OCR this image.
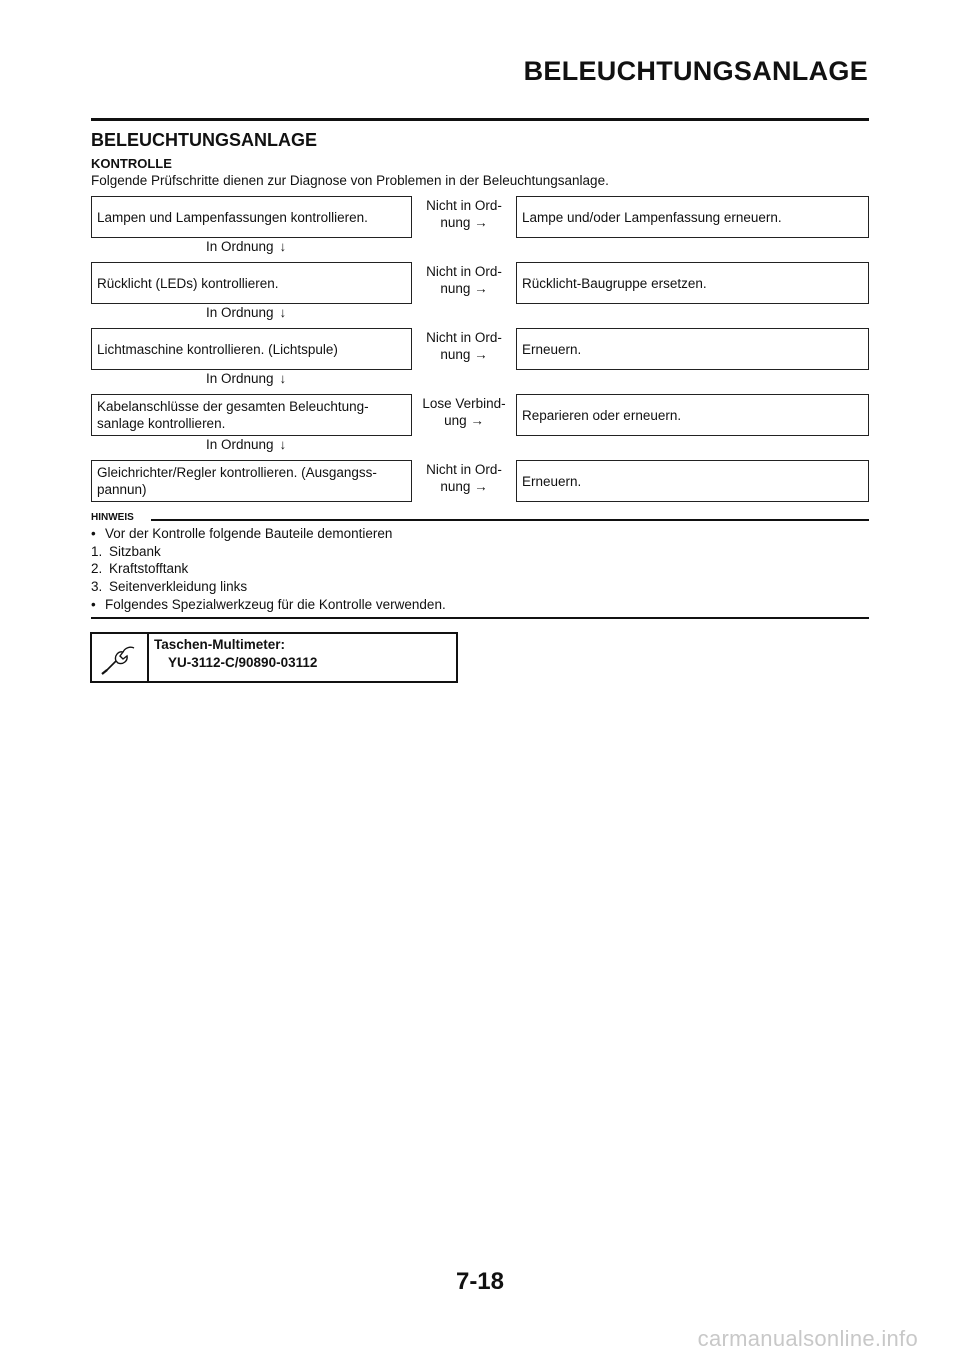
BELEUCHTUNGSANLAGE
BELEUCHTUNGSANLAGE
KONTROLLE
Folgende Prüfschritte dienen zur Diagnose von Problemen in der Beleuchtungsanlage.
Lampen und Lampenfassungen kontrollieren.
Nicht in Ord-
nung →	Lampe und/oder Lampenfassung erneuern.
In Ordnung ↓
Rücklicht (LEDs) kontrollieren.
Nicht in Ord-
nung →	Rücklicht-Baugruppe ersetzen.
In Ordnung ↓
Lichtmaschine kontrollieren. (Lichtspule)
Nicht in Ord-
nung →	Erneuern.
In Ordnung ↓
Kabelanschlüsse der gesamten Beleuchtung-
sanlage kontrollieren.
Lose Verbind-
ung →	Reparieren oder erneuern.
In Ordnung ↓
Gleichrichter/Regler kontrollieren. (Ausgangss-
pannun)
Nicht in Ord-
nung →	Erneuern.
HINWEIS
• Vor der Kontrolle folgende Bauteile demontieren
1. Sitzbank
2. Kraftstofftank
3. Seitenverkleidung links
• Folgendes Spezialwerkzeug für die Kontrolle verwenden.
Taschen-Multimeter:
YU-3112-C/90890-03112
7-18
carmanualsonline.info
